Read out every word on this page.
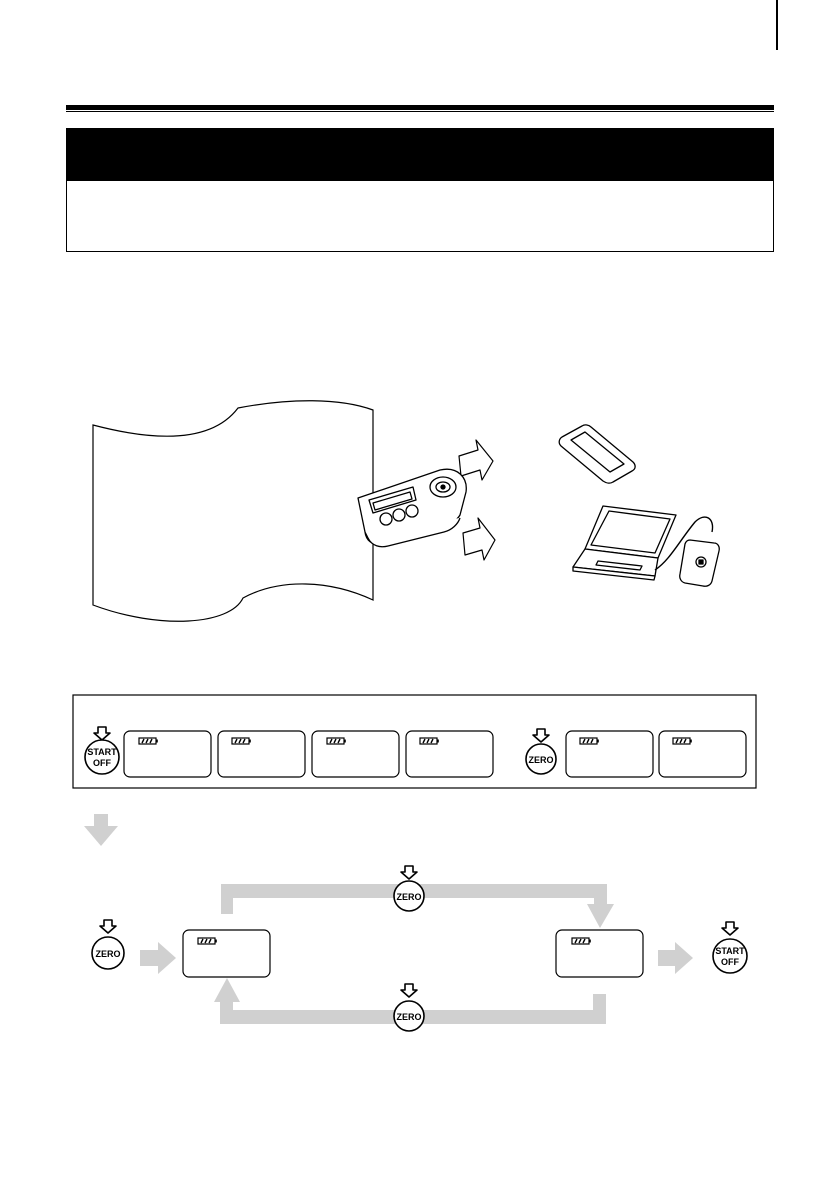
START
OFF	ZERO
ZERO
ZERO
ZERO	START
OFF
